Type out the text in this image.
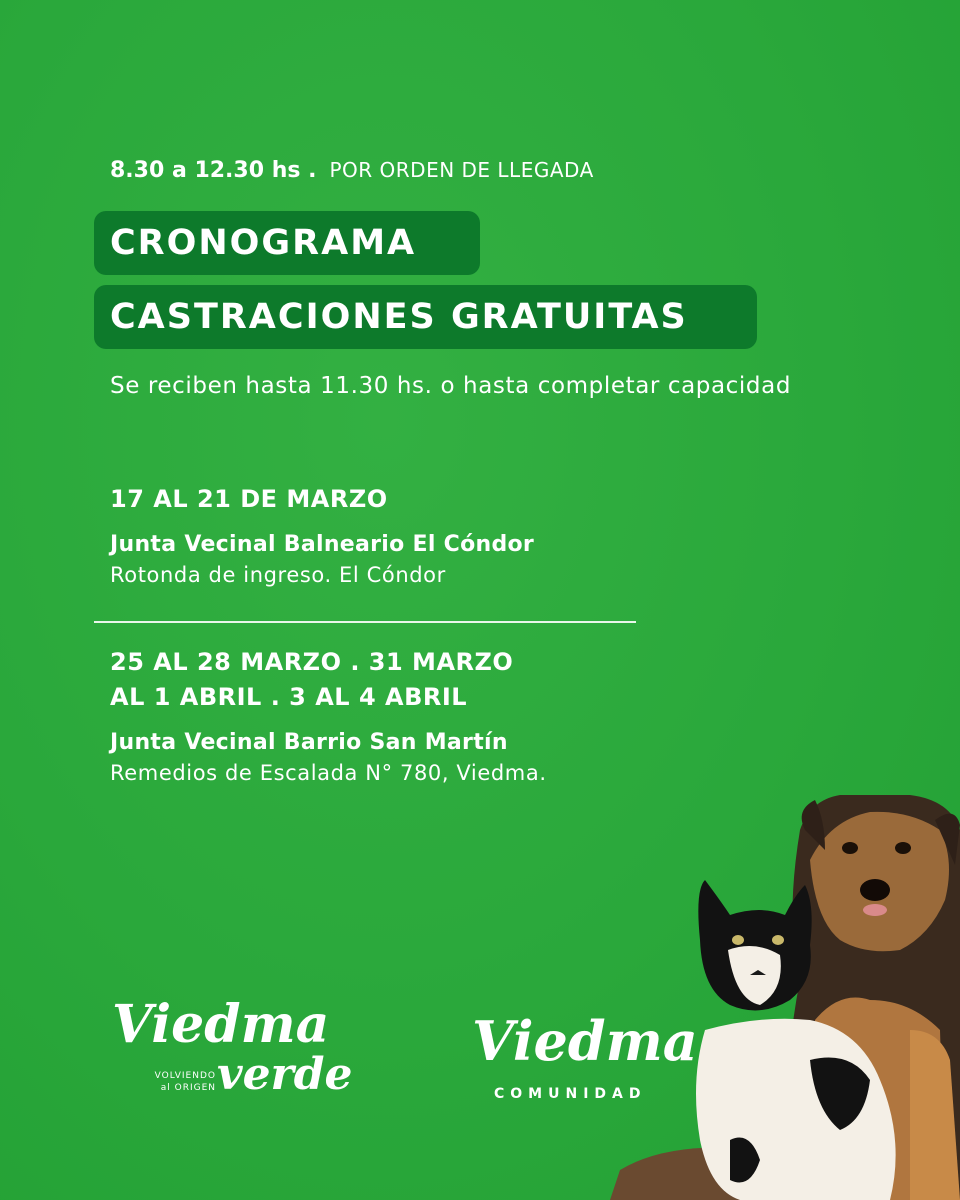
8.30 a 12.30 hs . POR ORDEN DE LLEGADA
CRONOGRAMA
CASTRACIONES GRATUITAS
Se reciben hasta 11.30 hs. o hasta completar capacidad
17 AL 21 DE MARZO
Junta Vecinal Balneario El Cóndor
Rotonda de ingreso. El Cóndor
25 AL 28 MARZO . 31 MARZO
AL 1 ABRIL . 3 AL 4 ABRIL
Junta Vecinal Barrio San Martín
Remedios de Escalada N° 780, Viedma.
Viedma
VOLVIENDO
al ORIGEN verde
Viedma
COMUNIDAD
